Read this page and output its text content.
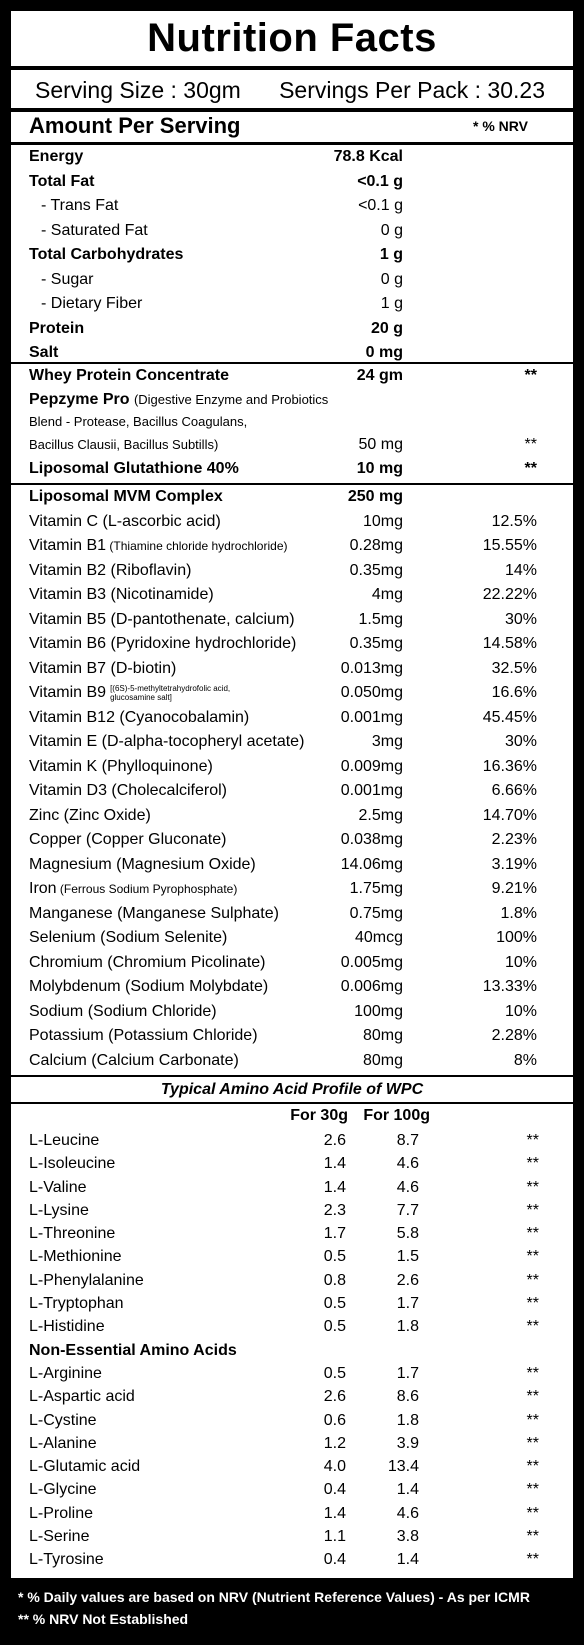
Nutrition Facts
Serving Size : 30gm Servings Per Pack : 30.23
Amount Per Serving	* % NRV
Energy	78.8 Kcal
Total Fat	<0.1 g
- Trans Fat	<0.1 g
- Saturated Fat	0 g
Total Carbohydrates	1 g
- Sugar	0 g
- Dietary Fiber	1 g
Protein	20 g
Salt	0 mg
Whey Protein Concentrate	24 gm	**
Pepzyme Pro (Digestive Enzyme and Probiotics
Blend - Protease, Bacillus Coagulans,
Bacillus Clausii, Bacillus Subtills)	50 mg	**
Liposomal Glutathione 40%	10 mg	**
Liposomal MVM Complex	250 mg
Vitamin C (L-ascorbic acid)	10mg	12.5%
Vitamin B1 (Thiamine chloride hydrochloride)	0.28mg	15.55%
Vitamin B2 (Riboflavin)	0.35mg	14%
Vitamin B3 (Nicotinamide)	4mg	22.22%
Vitamin B5 (D-pantothenate, calcium)	1.5mg	30%
Vitamin B6 (Pyridoxine hydrochloride)	0.35mg	14.58%
Vitamin B7 (D-biotin)	0.013mg	32.5%
Vitamin B9 [(6S)-5-methyltetrahydrofolic acid,
glucosamine salt]	0.050mg	16.6%
Vitamin B12 (Cyanocobalamin)	0.001mg	45.45%
Vitamin E (D-alpha-tocopheryl acetate)	3mg	30%
Vitamin K (Phylloquinone)	0.009mg	16.36%
Vitamin D3 (Cholecalciferol)	0.001mg	6.66%
Zinc (Zinc Oxide)	2.5mg	14.70%
Copper (Copper Gluconate)	0.038mg	2.23%
Magnesium (Magnesium Oxide)	14.06mg	3.19%
Iron (Ferrous Sodium Pyrophosphate)	1.75mg	9.21%
Manganese (Manganese Sulphate)	0.75mg	1.8%
Selenium (Sodium Selenite)	40mcg	100%
Chromium (Chromium Picolinate)	0.005mg	10%
Molybdenum (Sodium Molybdate)	0.006mg	13.33%
Sodium (Sodium Chloride)	100mg	10%
Potassium (Potassium Chloride)	80mg	2.28%
Calcium (Calcium Carbonate)	80mg	8%
Typical Amino Acid Profile of WPC
For 30g For 100g
L-Leucine	2.6	8.7	**
L-Isoleucine	1.4	4.6	**
L-Valine	1.4	4.6	**
L-Lysine	2.3	7.7	**
L-Threonine	1.7	5.8	**
L-Methionine	0.5	1.5	**
L-Phenylalanine	0.8	2.6	**
L-Tryptophan	0.5	1.7	**
L-Histidine	0.5	1.8	**
Non-Essential Amino Acids
L-Arginine	0.5	1.7	**
L-Aspartic acid	2.6	8.6	**
L-Cystine	0.6	1.8	**
L-Alanine	1.2	3.9	**
L-Glutamic acid	4.0	13.4	**
L-Glycine	0.4	1.4	**
L-Proline	1.4	4.6	**
L-Serine	1.1	3.8	**
L-Tyrosine	0.4	1.4	**
* % Daily values are based on NRV (Nutrient Reference Values) - As per ICMR
** % NRV Not Established
